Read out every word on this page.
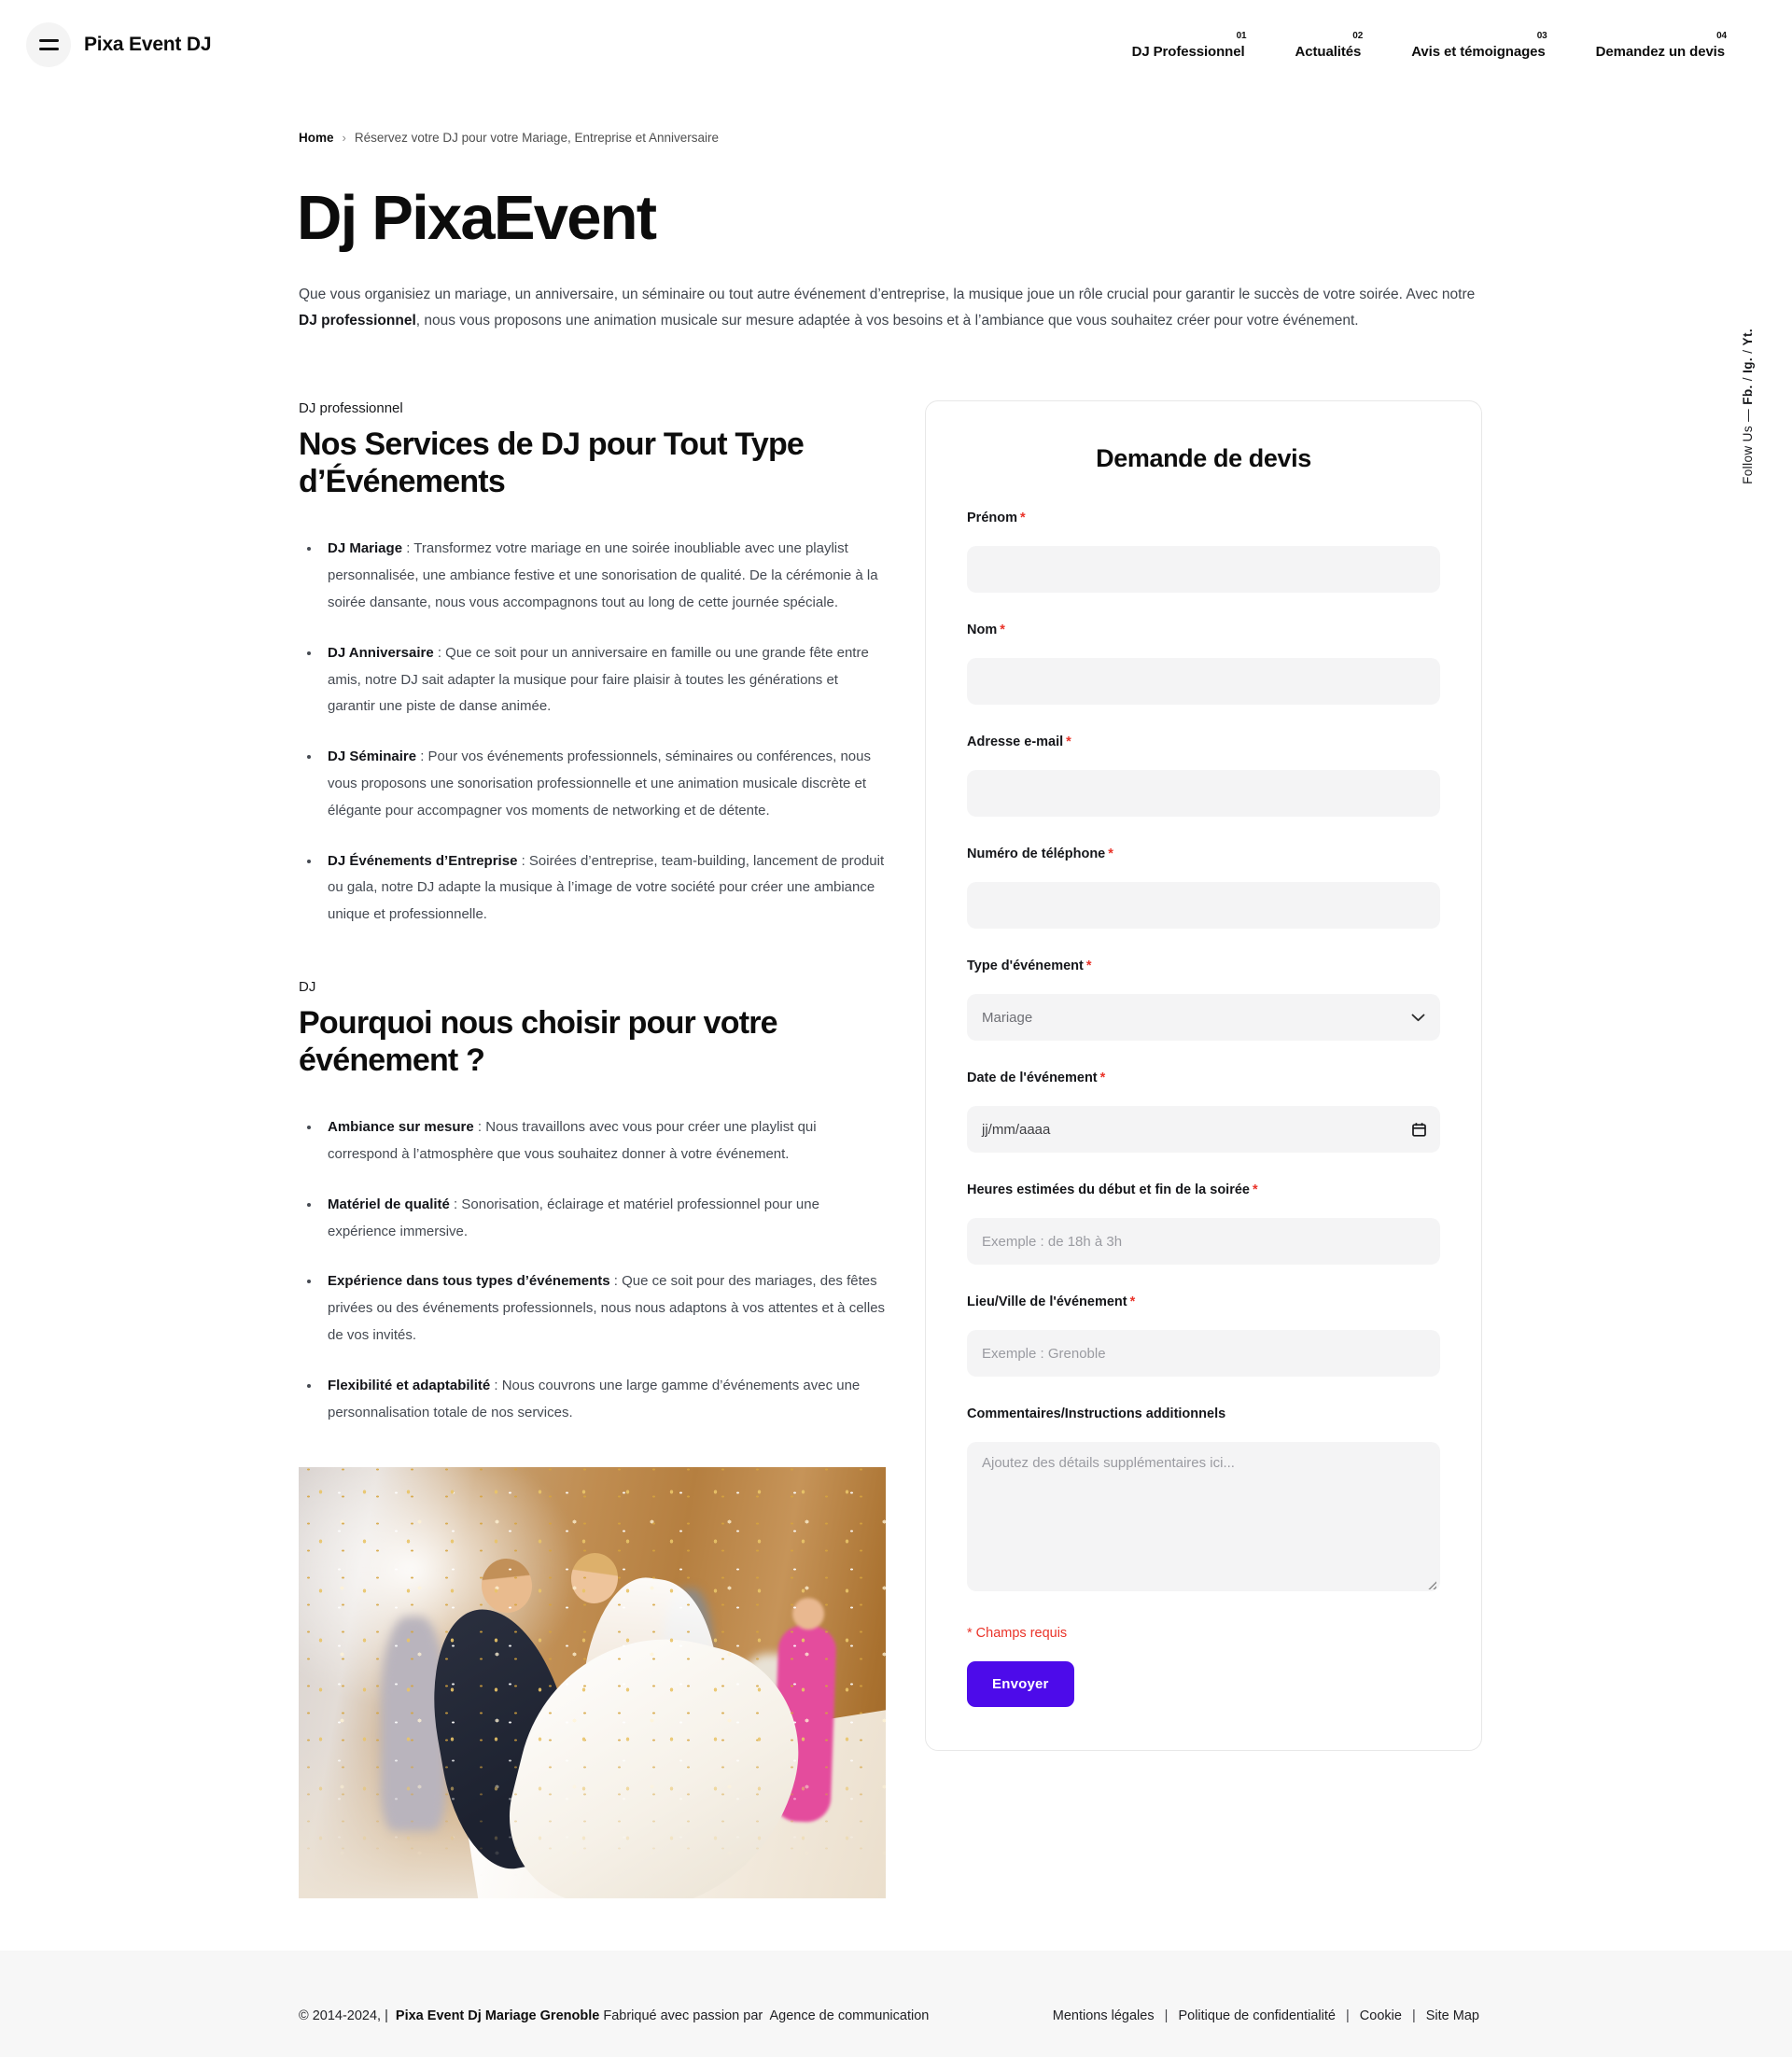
Pixa Event DJ	01
DJ Professionnel
02
Actualités
03
Avis et témoignages
04
Demandez un devis
Home › Réservez votre DJ pour votre Mariage, Entreprise et Anniversaire
Dj PixaEvent

Que vous organisiez un mariage, un anniversaire, un séminaire ou tout autre événement d’entreprise, la musique joue un rôle crucial pour garantir le succès de votre soirée. Avec notre DJ professionnel, nous vous proposons une animation musicale sur mesure adaptée à vos besoins et à l’ambiance que vous souhaitez créer pour votre événement.

DJ professionnel
Nos Services de DJ pour Tout Type d’Événements
• DJ Mariage : Transformez votre mariage en une soirée inoubliable avec une playlist personnalisée, une ambiance festive et une sonorisation de qualité. De la cérémonie à la soirée dansante, nous vous accompagnons tout au long de cette journée spéciale.
• DJ Anniversaire : Que ce soit pour un anniversaire en famille ou une grande fête entre amis, notre DJ sait adapter la musique pour faire plaisir à toutes les générations et garantir une piste de danse animée.
• DJ Séminaire : Pour vos événements professionnels, séminaires ou conférences, nous vous proposons une sonorisation professionnelle et une animation musicale discrète et élégante pour accompagner vos moments de networking et de détente.
• DJ Événements d’Entreprise : Soirées d’entreprise, team-building, lancement de produit ou gala, notre DJ adapte la musique à l’image de votre société pour créer une ambiance unique et professionnelle.
DJ
Pourquoi nous choisir pour votre événement ?
• Ambiance sur mesure : Nous travaillons avec vous pour créer une playlist qui correspond à l’atmosphère que vous souhaitez donner à votre événement.
• Matériel de qualité : Sonorisation, éclairage et matériel professionnel pour une expérience immersive.
• Expérience dans tous types d’événements : Que ce soit pour des mariages, des fêtes privées ou des événements professionnels, nous nous adaptons à vos attentes et à celles de vos invités.
• Flexibilité et adaptabilité : Nous couvrons une large gamme d’événements avec une personnalisation totale de nos services.
Demande de devis
Prénom *
Nom *
Adresse e-mail *
Numéro de téléphone *
Type d'événement *
Mariage
Date de l'événement *
jj/mm/aaaa
Heures estimées du début et fin de la soirée *
Exemple : de 18h à 3h
Lieu/Ville de l'événement *
Exemple : Grenoble
Commentaires/Instructions additionnels
Ajoutez des détails supplémentaires ici...
* Champs requis
Envoyer
Follow Us — Fb. / Ig. / Yt.
© 2014-2024, | Pixa Event Dj Mariage Grenoble Fabriqué avec passion par Agence de communication	Mentions légales | Politique de confidentialité | Cookie | Site Map
